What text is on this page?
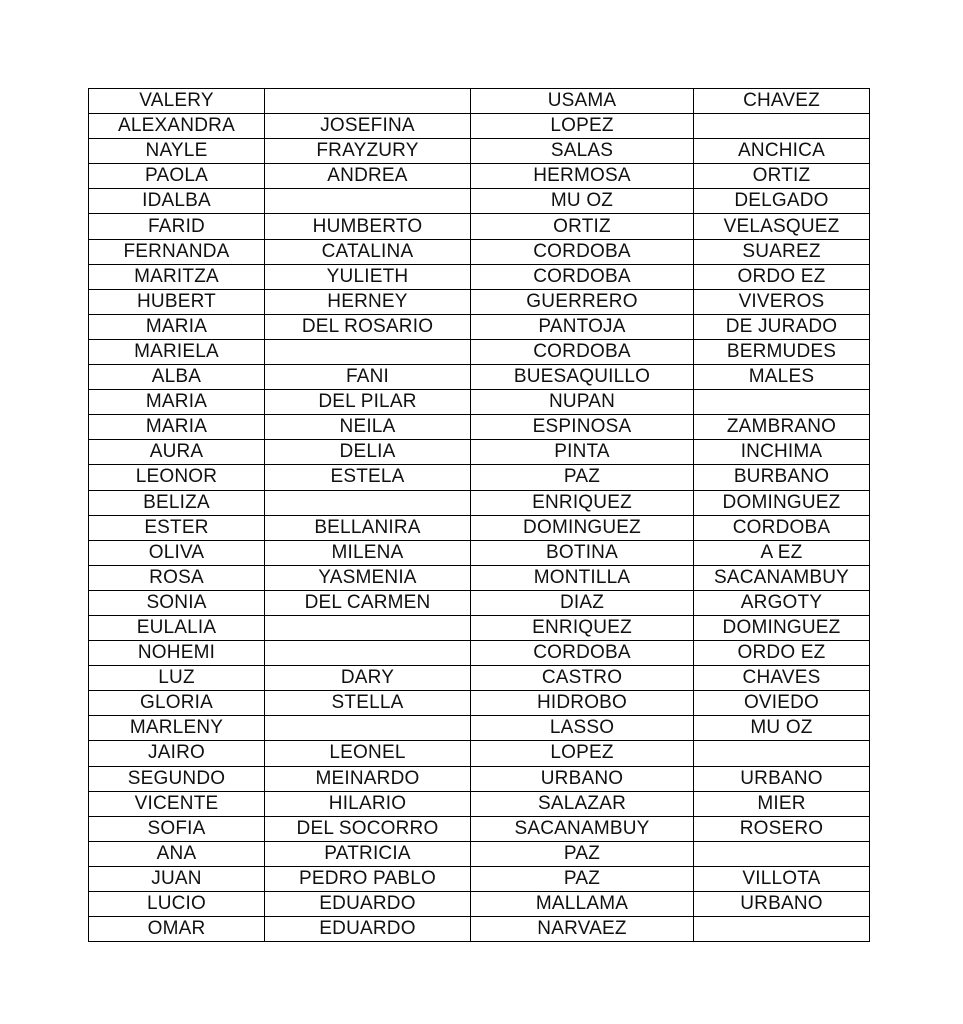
VALERY		USAMA	CHAVEZ
ALEXANDRA	JOSEFINA	LOPEZ	
NAYLE	FRAYZURY	SALAS	ANCHICA
PAOLA	ANDREA	HERMOSA	ORTIZ
IDALBA		MU OZ	DELGADO
FARID	HUMBERTO	ORTIZ	VELASQUEZ
FERNANDA	CATALINA	CORDOBA	SUAREZ
MARITZA	YULIETH	CORDOBA	ORDO EZ
HUBERT	HERNEY	GUERRERO	VIVEROS
MARIA	DEL ROSARIO	PANTOJA	DE JURADO
MARIELA		CORDOBA	BERMUDES
ALBA	FANI	BUESAQUILLO	MALES
MARIA	DEL PILAR	NUPAN	
MARIA	NEILA	ESPINOSA	ZAMBRANO
AURA	DELIA	PINTA	INCHIMA
LEONOR	ESTELA	PAZ	BURBANO
BELIZA		ENRIQUEZ	DOMINGUEZ
ESTER	BELLANIRA	DOMINGUEZ	CORDOBA
OLIVA	MILENA	BOTINA	A EZ
ROSA	YASMENIA	MONTILLA	SACANAMBUY
SONIA	DEL CARMEN	DIAZ	ARGOTY
EULALIA		ENRIQUEZ	DOMINGUEZ
NOHEMI		CORDOBA	ORDO EZ
LUZ	DARY	CASTRO	CHAVES
GLORIA	STELLA	HIDROBO	OVIEDO
MARLENY		LASSO	MU OZ
JAIRO	LEONEL	LOPEZ	
SEGUNDO	MEINARDO	URBANO	URBANO
VICENTE	HILARIO	SALAZAR	MIER
SOFIA	DEL SOCORRO	SACANAMBUY	ROSERO
ANA	PATRICIA	PAZ	
JUAN	PEDRO PABLO	PAZ	VILLOTA
LUCIO	EDUARDO	MALLAMA	URBANO
OMAR	EDUARDO	NARVAEZ	
